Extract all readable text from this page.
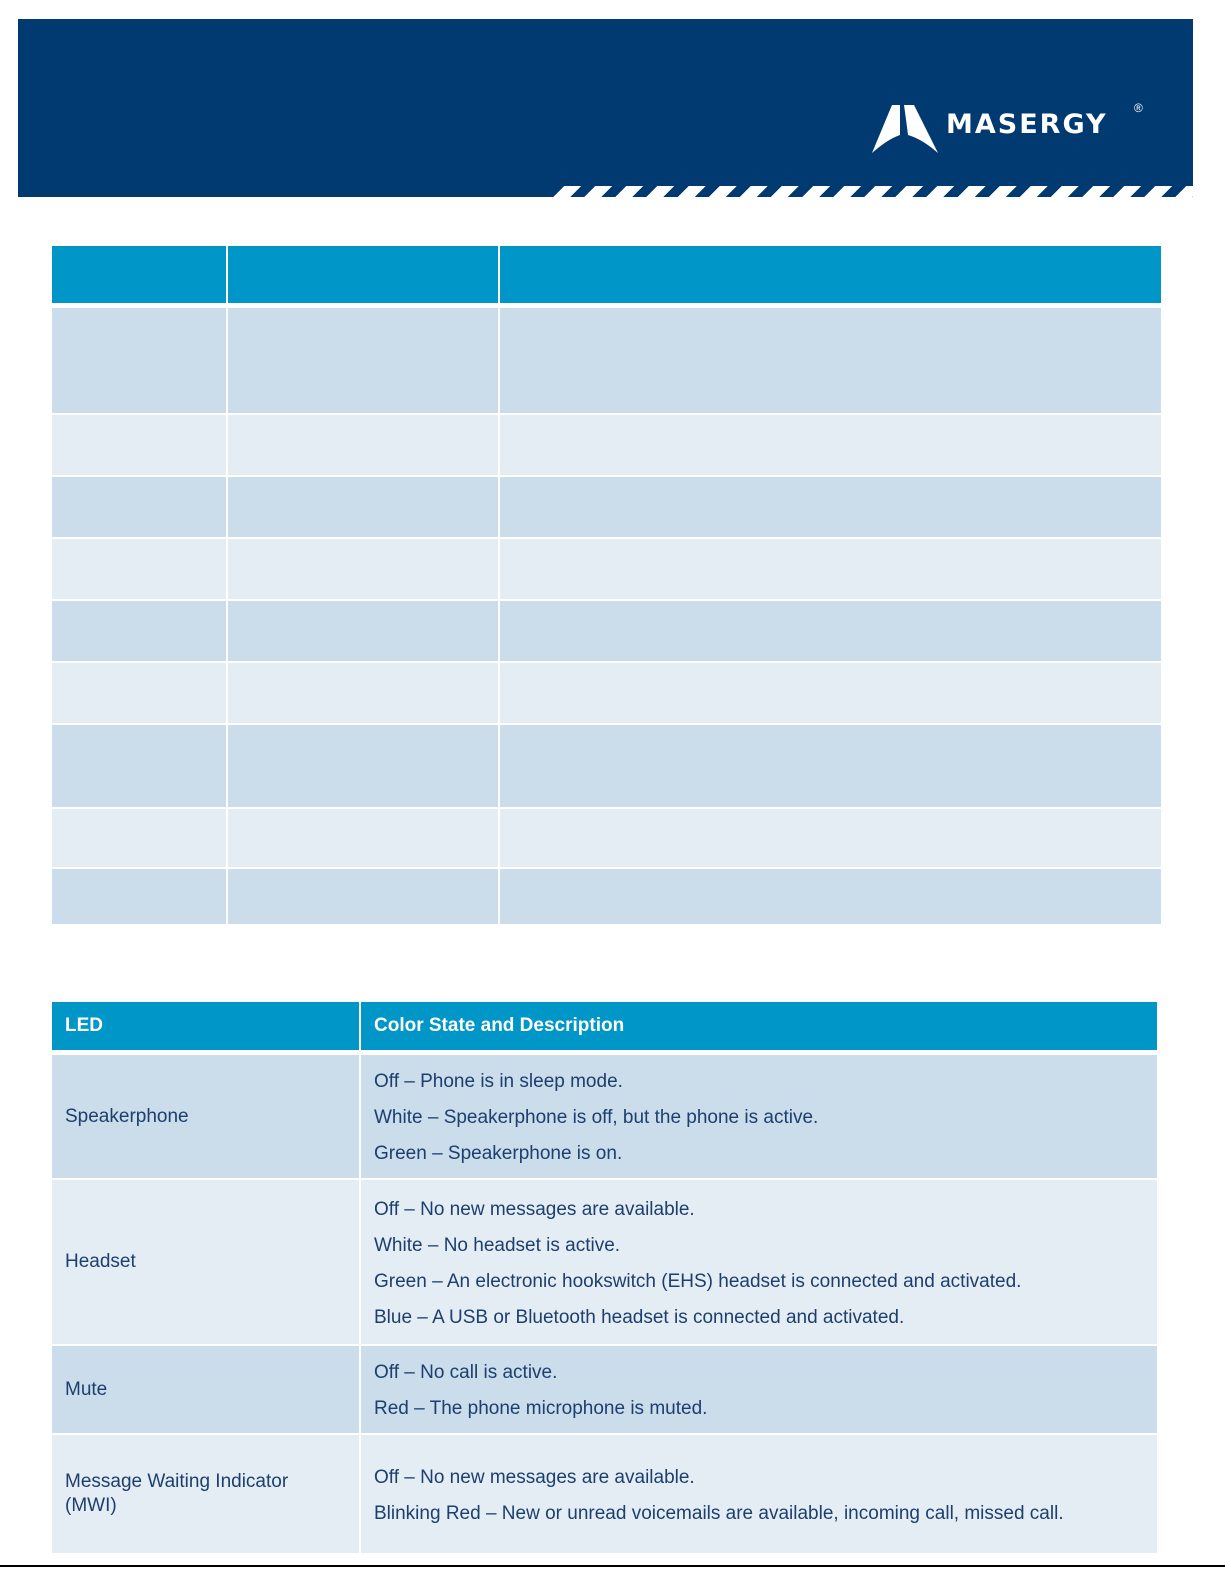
MASERGY
®

LED	Color State and Description
Speakerphone	Off – Phone is in sleep mode.

White – Speakerphone is off, but the phone is active.

Green – Speakerphone is on.

Headset	Off – No new messages are available.

White – No headset is active.

Green – An electronic hookswitch (EHS) headset is connected and activated.

Blue – A USB or Bluetooth headset is connected and activated.

Mute	Off – No call is active.

Red – The phone microphone is muted.

Message Waiting Indicator (MWI)	Off – No new messages are available.

Blinking Red – New or unread voicemails are available, incoming call, missed call.
